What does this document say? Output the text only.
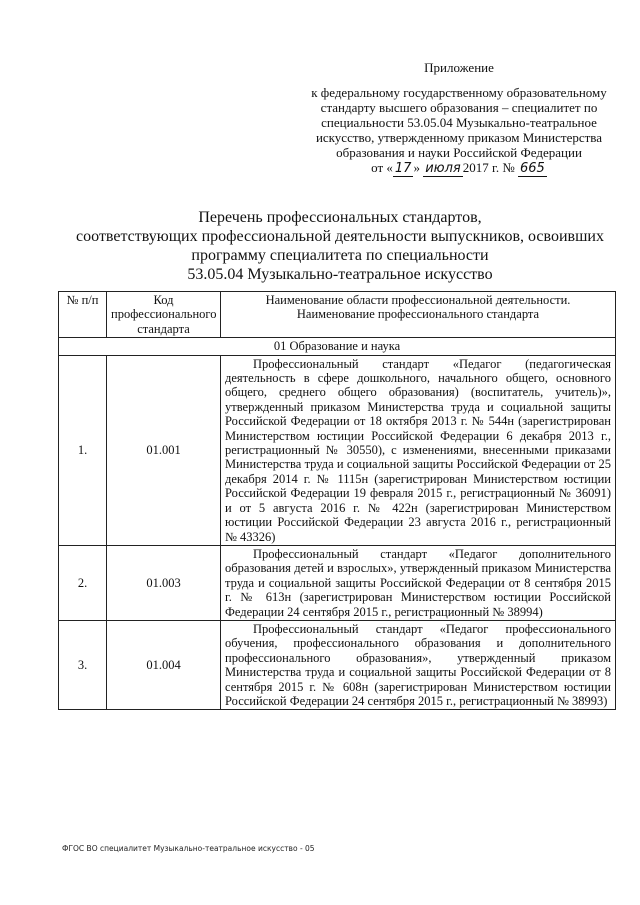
Приложение
к федеральному государственному образовательному
стандарту высшего образования – специалитет по
специальности 53.05.04 Музыкально-театральное
искусство, утвержденному приказом Министерства
образования и науки Российской Федерации
от « 17 » июля 2017 г. № 665
Перечень профессиональных стандартов,
соответствующих профессиональной деятельности выпускников, освоивших
программу специалитета по специальности
53.05.04 Музыкально-театральное искусство
№ п/п	Код профессионального стандарта	Наименование области профессиональной деятельности.
Наименование профессионального стандарта

01 Образование и наука		
1.	01.001	Профессиональный стандарт «Педагог (педагогическая деятельность в сфере дошкольного, начального общего, основного общего, среднего общего образования) (воспитатель, учитель)», утвержденный приказом Министерства труда и социальной защиты Российской Федерации от 18 октября 2013 г. № 544н (зарегистрирован Министерством юстиции Российской Федерации 6 декабря 2013 г., регистрационный № 30550), с изменениями, внесенными приказами Министерства труда и социальной защиты Российской Федерации от 25 декабря 2014 г. № 1115н (зарегистрирован Министерством юстиции Российской Федерации 19 февраля 2015 г., регистрационный № 36091) и от 5 августа 2016 г. № 422н (зарегистрирован Министерством юстиции Российской Федерации 23 августа 2016 г., регистрационный № 43326)
2.	01.003	Профессиональный стандарт «Педагог дополнительного образования детей и взрослых», утвержденный приказом Министерства труда и социальной защиты Российской Федерации от 8 сентября 2015 г. № 613н (зарегистрирован Министерством юстиции Российской Федерации 24 сентября 2015 г., регистрационный № 38994)
3.	01.004	Профессиональный стандарт «Педагог профессионального обучения, профессионального образования и дополнительного профессионального образования», утвержденный приказом Министерства труда и социальной защиты Российской Федерации от 8 сентября 2015 г. № 608н (зарегистрирован Министерством юстиции Российской Федерации 24 сентября 2015 г., регистрационный № 38993)
ФГОС ВО специалитет Музыкально-театральное искусство - 05
